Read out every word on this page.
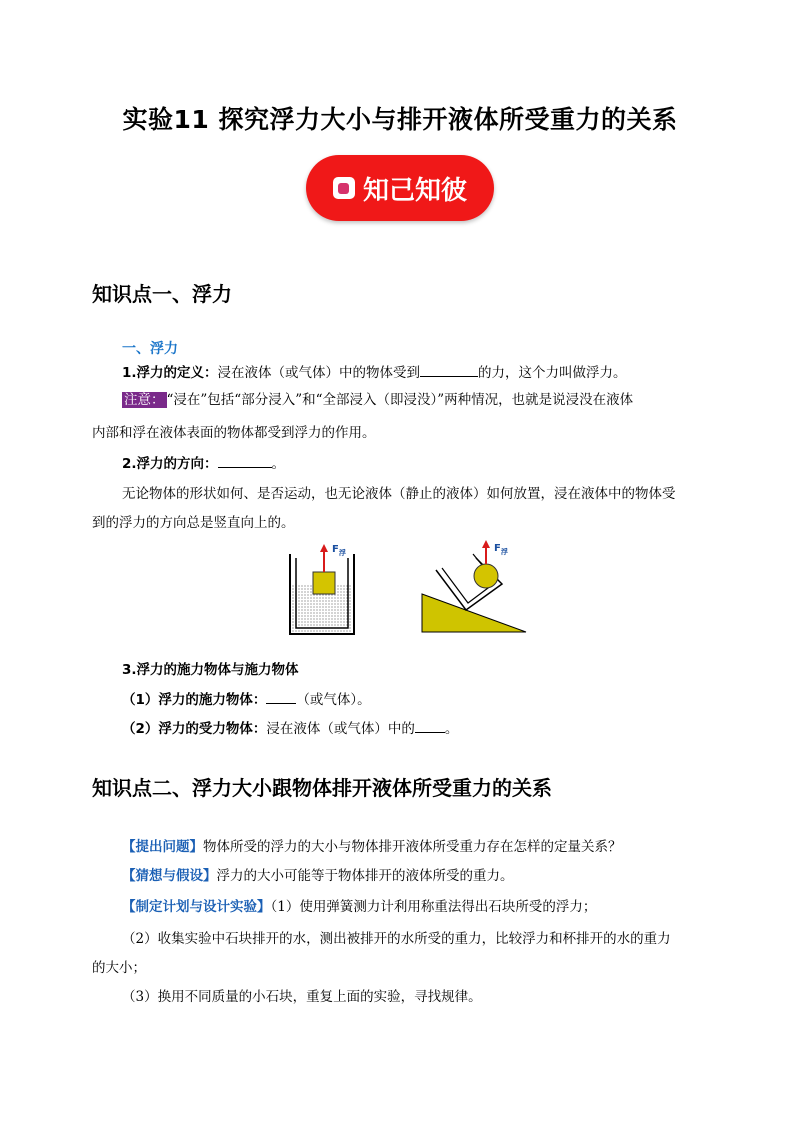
实验11 探究浮力大小与排开液体所受重力的关系
知己知彼
知识点一、浮力
一、浮力
1.浮力的定义：浸在液体（或气体）中的物体受到	的力，这个力叫做浮力。
注意： “浸在”包括“部分浸入”和“全部浸入（即浸没）”两种情况，也就是说浸没在液体
内部和浮在液体表面的物体都受到浮力的作用。
2.浮力的方向：	。
无论物体的形状如何、是否运动，也无论液体（静止的液体）如何放置，浸在液体中的物体受
到的浮力的方向总是竖直向上的。
$F_浮$	$F_浮$
3.浮力的施力物体与施力物体
（1）浮力的施力物体： （或气体）。
（2）浮力的受力物体：浸在液体（或气体）中的 。
知识点二、浮力大小跟物体排开液体所受重力的关系
【提出问题】物体所受的浮力的大小与物体排开液体所受重力存在怎样的定量关系？
【猜想与假设】浮力的大小可能等于物体排开的液体所受的重力。
【制定计划与设计实验】（1）使用弹簧测力计利用称重法得出石块所受的浮力；
（2）收集实验中石块排开的水，测出被排开的水所受的重力，比较浮力和杯排开的水的重力
的大小；
（3）换用不同质量的小石块，重复上面的实验，寻找规律。
